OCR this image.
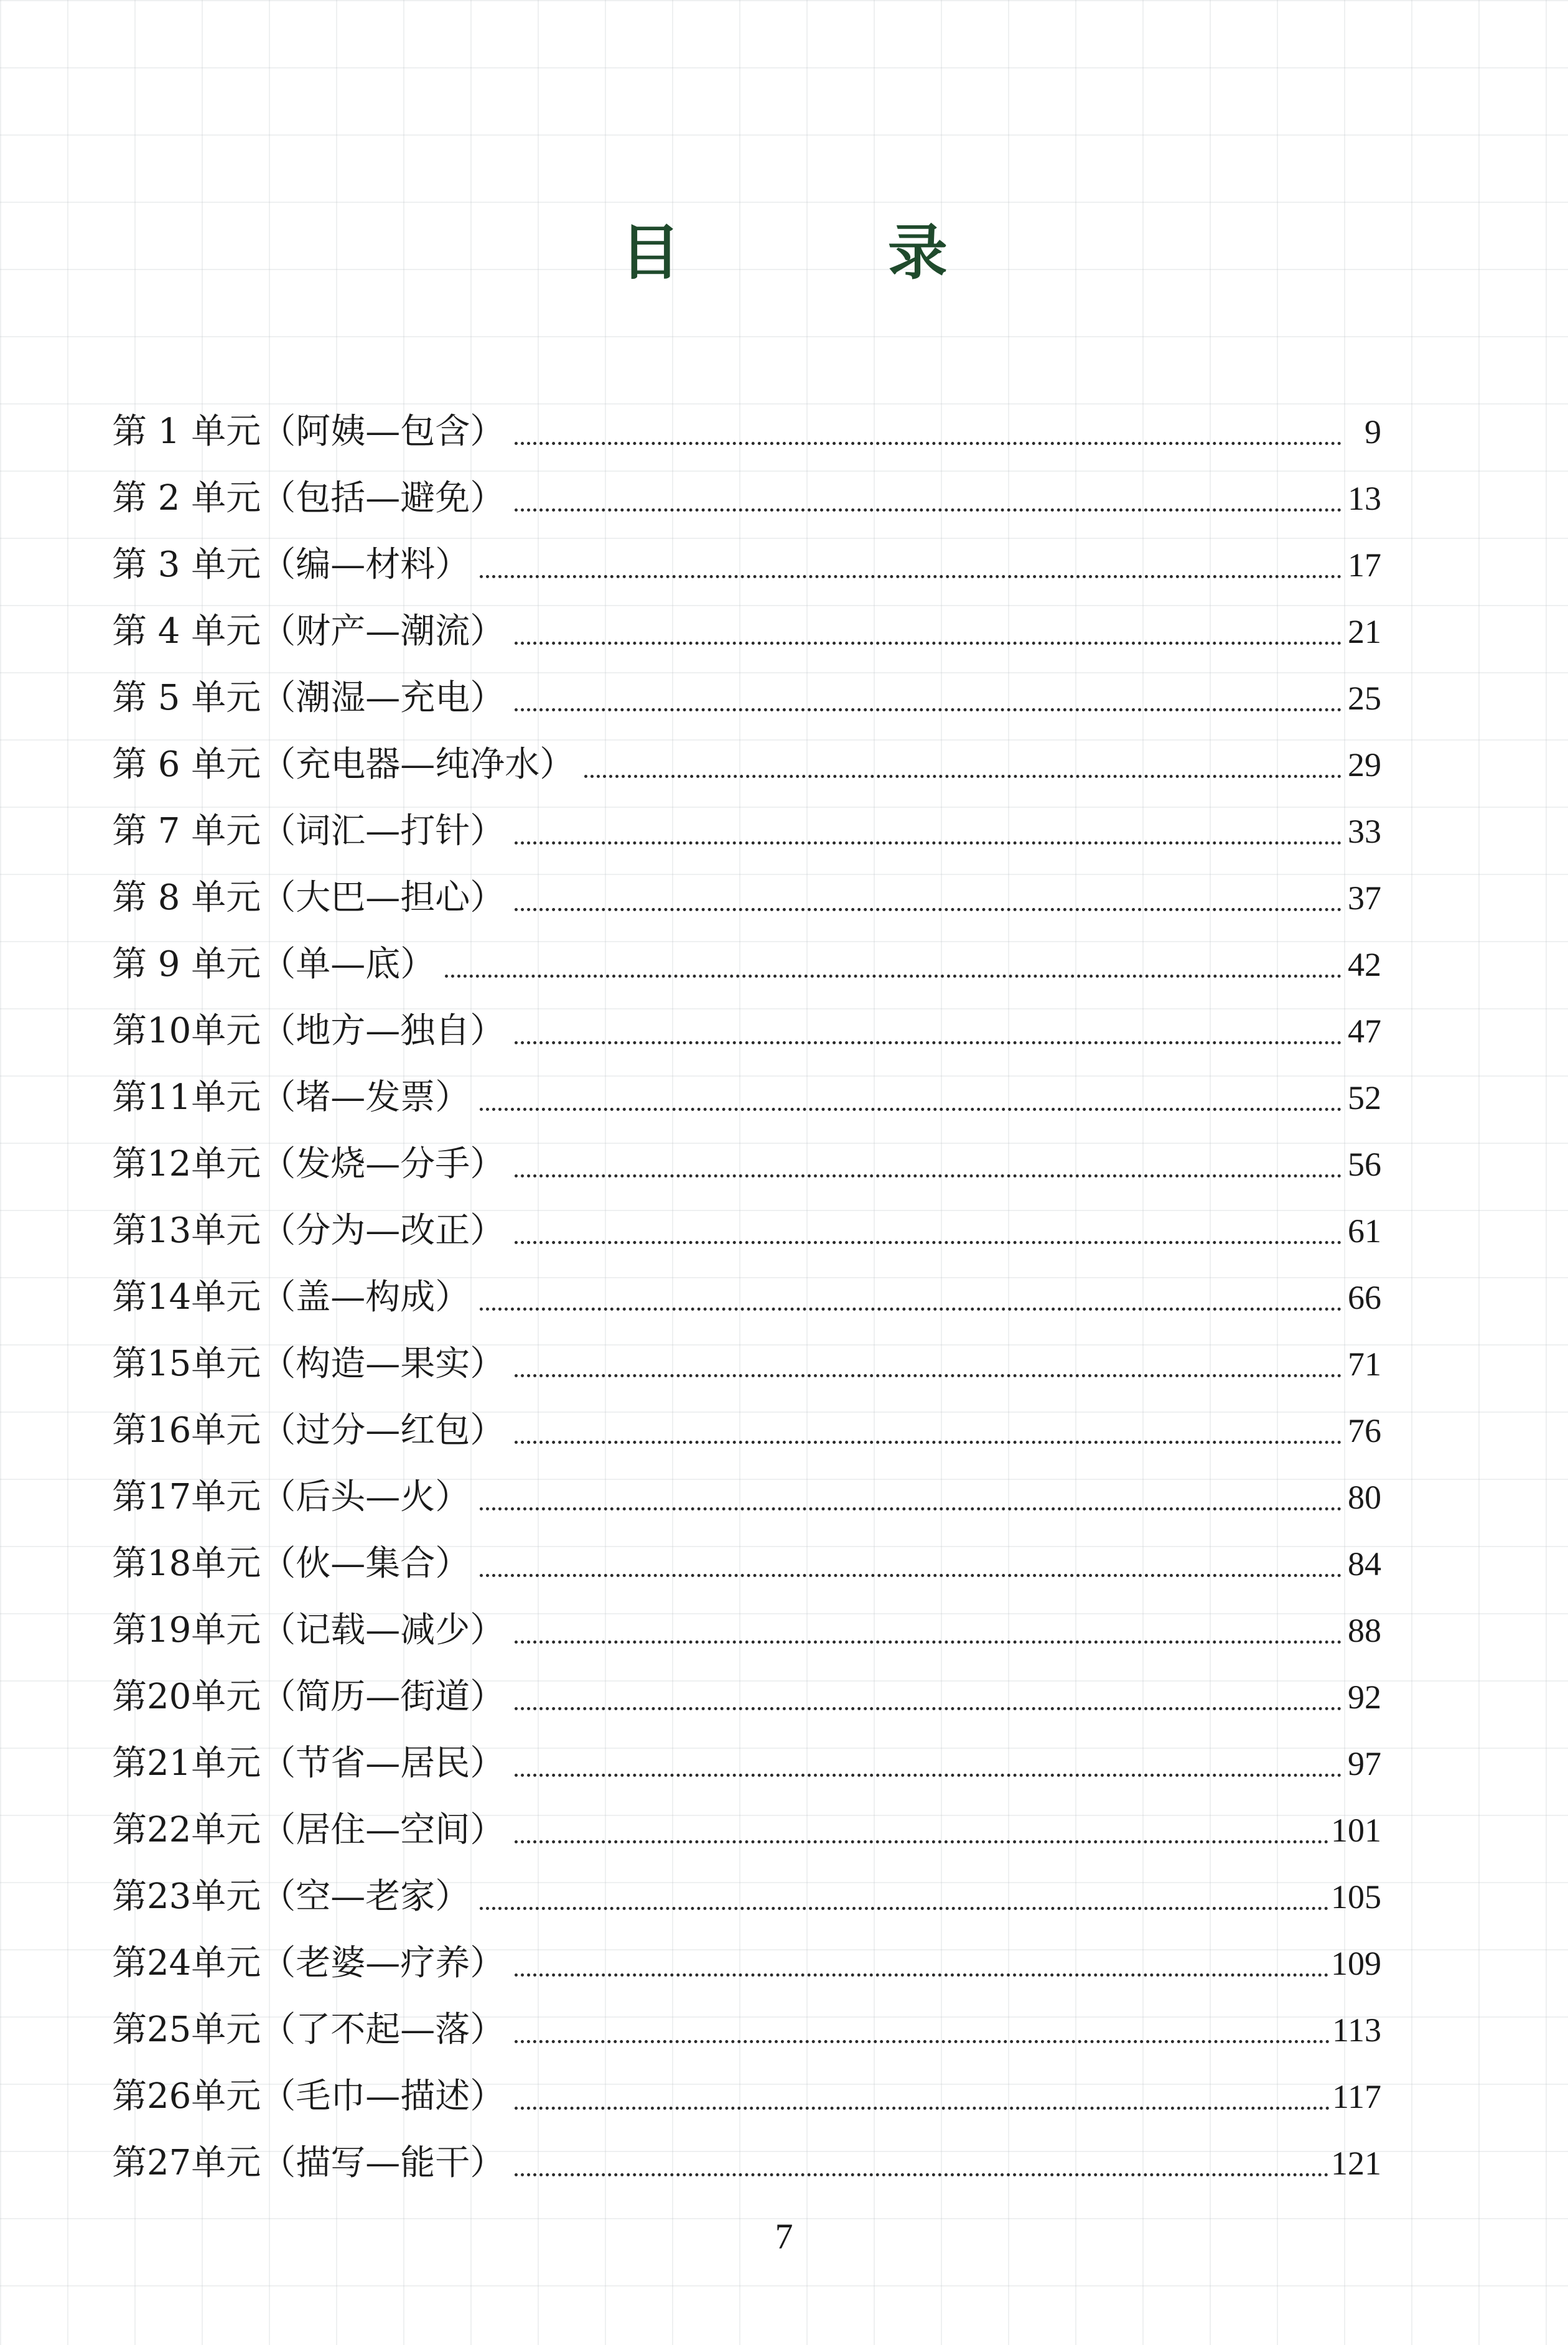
目 录
第 1 单元（阿姨—包含）	9
第 2 单元（包括—避免）	13
第 3 单元（编—材料）	17
第 4 单元（财产—潮流）	21
第 5 单元（潮湿—充电）	25
第 6 单元（充电器—纯净水）	29
第 7 单元（词汇—打针）	33
第 8 单元（大巴—担心）	37
第 9 单元（单—底）	42
第10单元（地方—独自）	47
第11单元（堵—发票）	52
第12单元（发烧—分手）	56
第13单元（分为—改正）	61
第14单元（盖—构成）	66
第15单元（构造—果实）	71
第16单元（过分—红包）	76
第17单元（后头—火）	80
第18单元（伙—集合）	84
第19单元（记载—减少）	88
第20单元（简历—街道）	92
第21单元（节省—居民）	97
第22单元（居住—空间）	101
第23单元（空—老家）	105
第24单元（老婆—疗养）	109
第25单元（了不起—落）	113
第26单元（毛巾—描述）	117
第27单元（描写—能干）	121
7
